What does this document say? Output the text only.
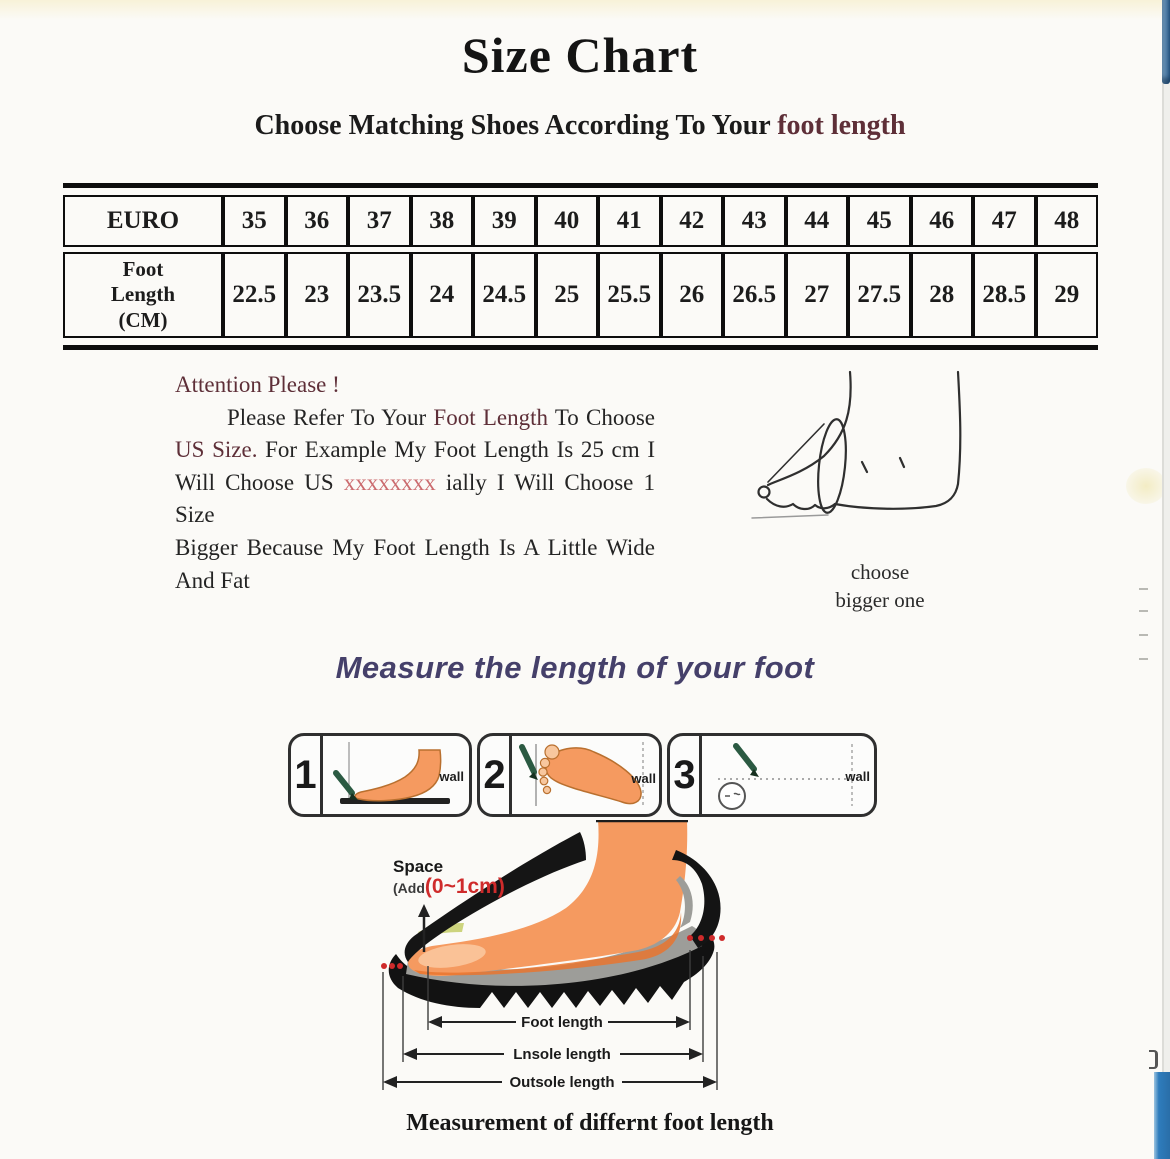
Size Chart
Choose Matching Shoes According To Your foot length
EURO	35	36	37	38	39	40	41	42	43	44	45	46	47	48

Foot
Length
(CM)	22.5	23	23.5	24	24.5	25	25.5	26	26.5	27	27.5	28	28.5	29
Attention Please !
Please Refer To Your Foot Length To Choose
US Size. For Example My Foot Length Is 25 cm I
Will Choose US xxxxxxxx ially I Will Choose 1 Size
Bigger Because My Foot Length Is A Little Wide
And Fat	choose
bigger one
Measure the length of your foot
1	wall 2	wall 3	wall
Foot length
Lnsole length
Outsole length
Space
(Add(0~1cm)
Measurement of differnt foot length
